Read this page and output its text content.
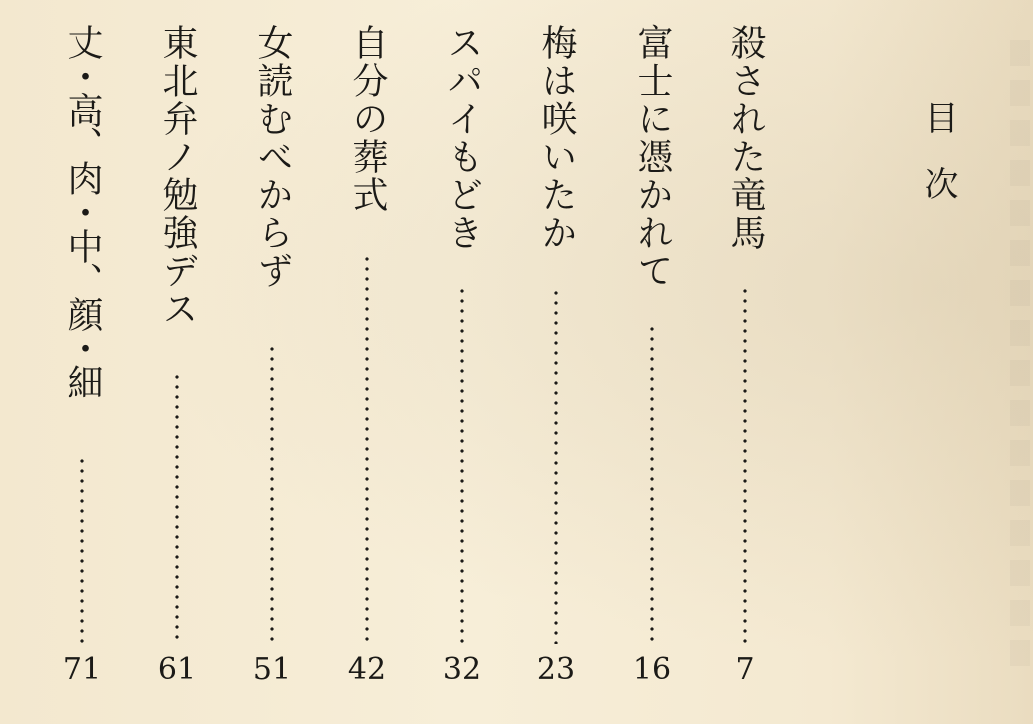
目次
殺された竜馬
7
富士に憑かれて
16
梅は咲いたか
23
スパイもどき
32
自分の葬式
42
女読むべからず
51
東北弁ノ勉強デス
61
丈・高、肉・中、顔・細
71
